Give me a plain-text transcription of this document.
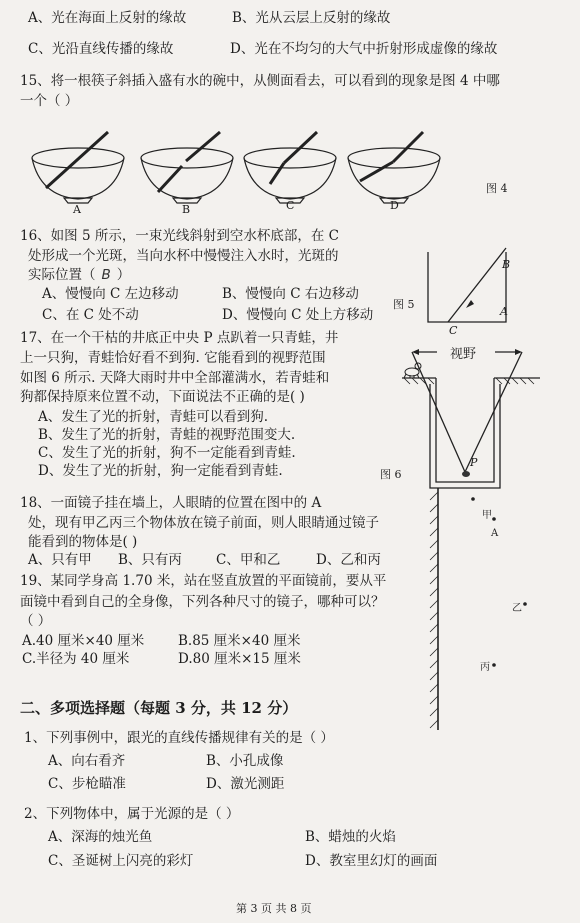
A、光在海面上反射的缘故	B、光从云层上反射的缘故
C、光沿直线传播的缘故	D、光在不均匀的大气中折射形成虚像的缘故
15、将一根筷子斜插入盛有水的碗中，从侧面看去，可以看到的现象是图 4 中哪
一个（ ）
A	B	C	D
图 4
16、如图 5 所示，一束光线斜射到空水杯底部，在 C
处形成一个光斑，当向水杯中慢慢注入水时，光斑的
实际位置（ B ）
A、慢慢向 C 左边移动	B、慢慢向 C 右边移动
C、在 C 处不动	D、慢慢向 C 处上方移动
B
A
C
图 5
17、在一个干枯的井底正中央 P 点趴着一只青蛙，井
上一只狗，青蛙恰好看不到狗. 它能看到的视野范围
如图 6 所示. 天降大雨时井中全部灌满水，若青蛙和
狗都保持原来位置不动，下面说法不正确的是( )
A、发生了光的折射，青蛙可以看到狗.
B、发生了光的折射，青蛙的视野范围变大.
C、发生了光的折射，狗不一定能看到青蛙.
D、发生了光的折射，狗一定能看到青蛙.
视野
P
图 6
18、一面镜子挂在墙上，人眼睛的位置在图中的 A
处，现有甲乙丙三个物体放在镜子前面，则人眼睛通过镜子
能看到的物体是( )
A、只有甲 B、只有丙	C、甲和乙	D、乙和丙
甲
A
乙
丙
19、某同学身高 1.70 米，站在竖直放置的平面镜前，要从平
面镜中看到自己的全身像，下列各种尺寸的镜子，哪种可以？
（ ）
A.40 厘米×40 厘米 B.85 厘米×40 厘米
C.半径为 40 厘米	D.80 厘米×15 厘米
二、多项选择题（每题 3 分，共 12 分）
1、下列事例中，跟光的直线传播规律有关的是（ ）
A、向右看齐	B、小孔成像
C、步枪瞄准	D、激光测距
2、下列物体中，属于光源的是（ ）
A、深海的烛光鱼	B、蜡烛的火焰
C、圣诞树上闪亮的彩灯	D、教室里幻灯的画面
第 3 页 共 8 页
